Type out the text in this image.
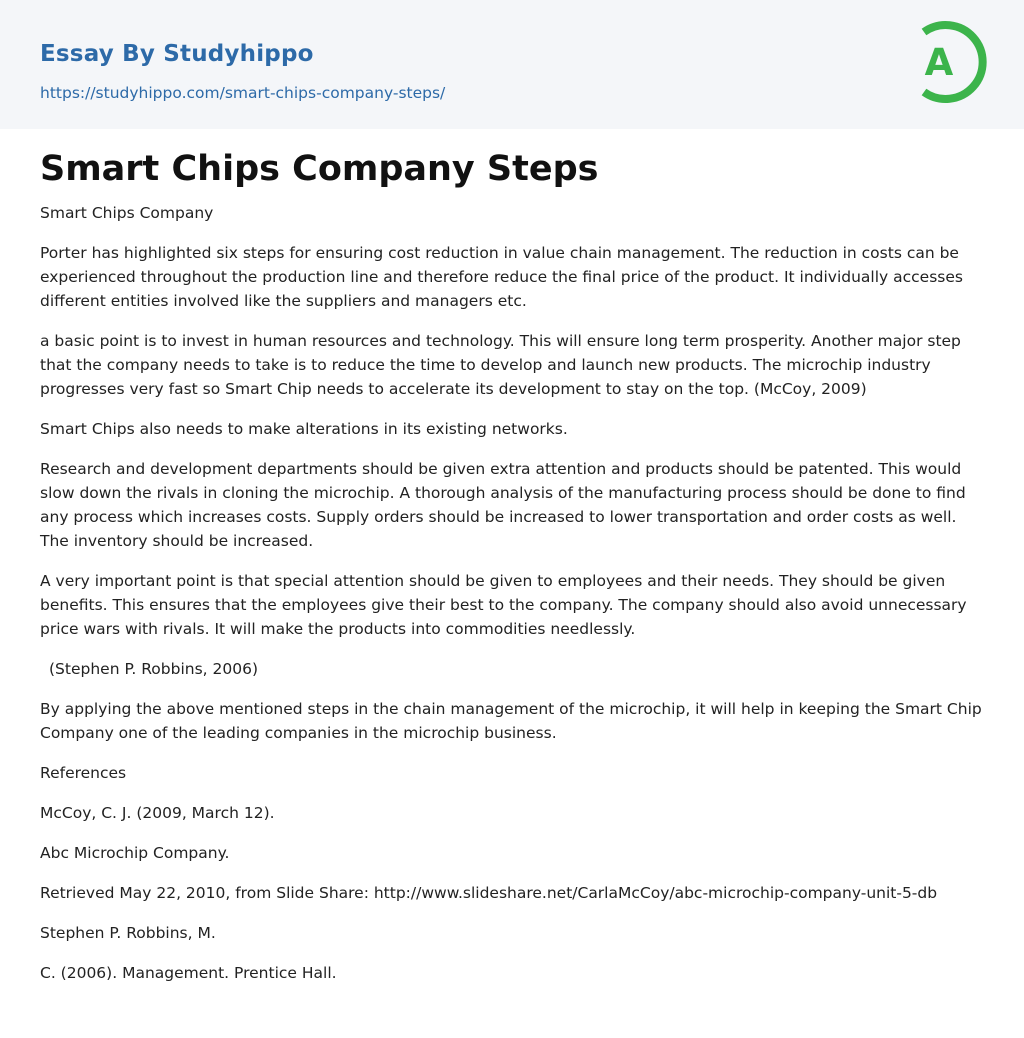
Essay By Studyhippo
https://studyhippo.com/smart-chips-company-steps/
A
Smart Chips Company Steps

Smart Chips Company

Porter has highlighted six steps for ensuring cost reduction in value chain management. The reduction in costs can be experienced throughout the production line and therefore reduce the final price of the product. It individually accesses different entities involved like the suppliers and managers etc.

a basic point is to invest in human resources and technology. This will ensure long term prosperity. Another major step that the company needs to take is to reduce the time to develop and launch new products. The microchip industry progresses very fast so Smart Chip needs to accelerate its development to stay on the top. (McCoy, 2009)

Smart Chips also needs to make alterations in its existing networks.

Research and development departments should be given extra attention and products should be patented. This would slow down the rivals in cloning the microchip. A thorough analysis of the manufacturing process should be done to find any process which increases costs. Supply orders should be increased to lower transportation and order costs as well. The inventory should be increased.

A very important point is that special attention should be given to employees and their needs. They should be given benefits. This ensures that the employees give their best to the company. The company should also avoid unnecessary price wars with rivals. It will make the products into commodities needlessly.

(Stephen P. Robbins, 2006)

By applying the above mentioned steps in the chain management of the microchip, it will help in keeping the Smart Chip Company one of the leading companies in the microchip business.

References

McCoy, C. J. (2009, March 12).

Abc Microchip Company.

Retrieved May 22, 2010, from Slide Share: http://www.slideshare.net/CarlaMcCoy/abc-microchip-company-unit-5-db

Stephen P. Robbins, M.

C. (2006). Management. Prentice Hall.
